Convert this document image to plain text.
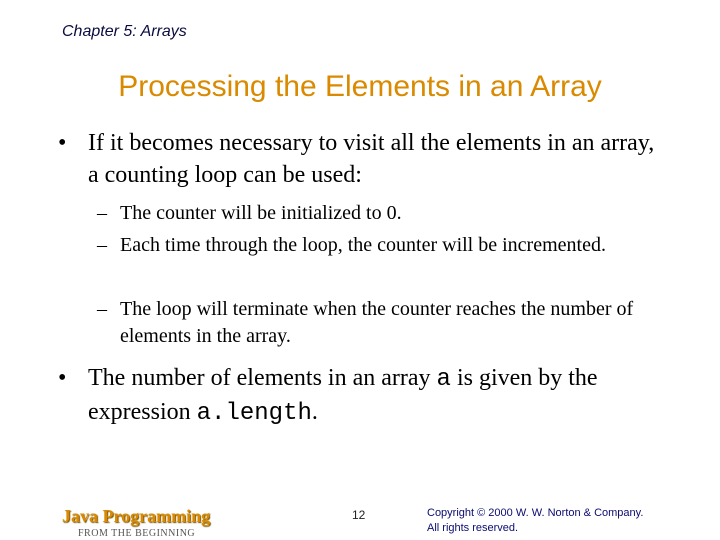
Chapter 5: Arrays
Processing the Elements in an Array
• If it becomes necessary to visit all the elements in an array, a counting loop can be used:
– The counter will be initialized to 0.
– Each time through the loop, the counter will be incremented.
– The loop will terminate when the counter reaches the number of elements in the array.
• The number of elements in an array a is given by the expression a.length.
Java Programming
FROM THE BEGINNING
12	Copyright © 2000 W. W. Norton & Company.
All rights reserved.
